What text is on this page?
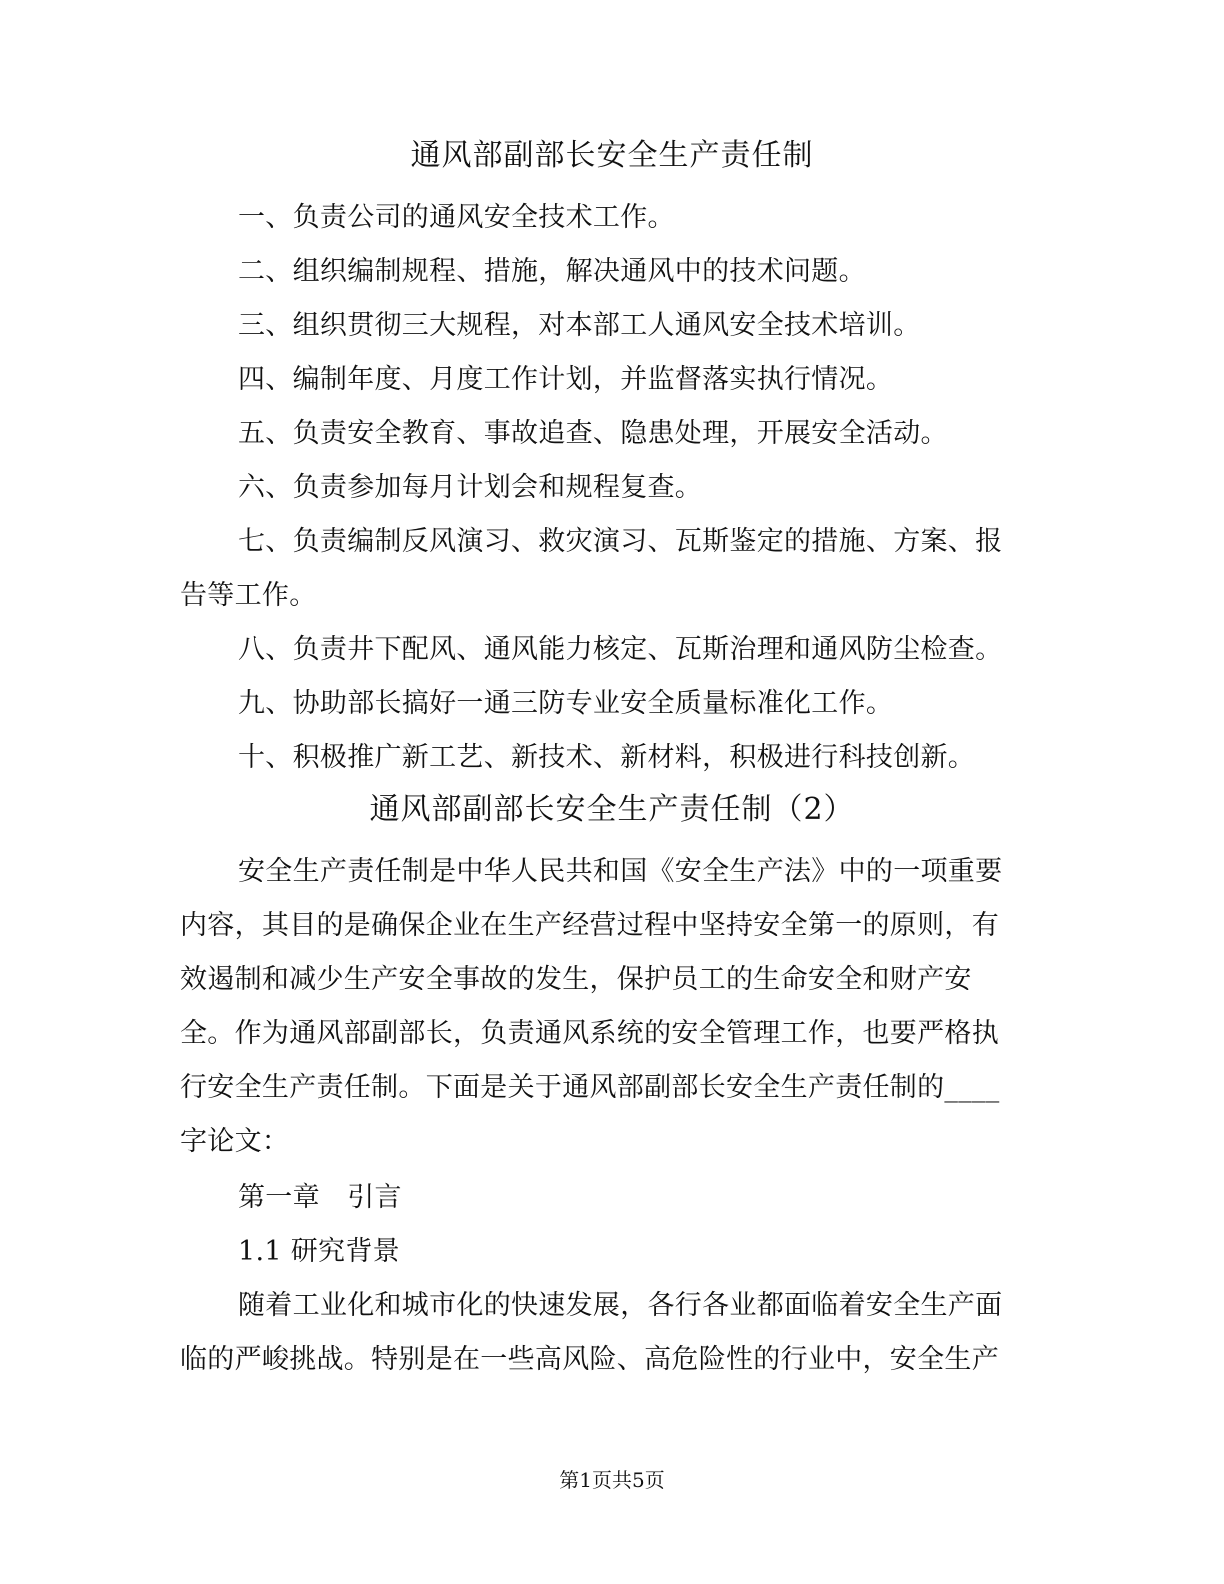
通风部副部长安全生产责任制
一、负责公司的通风安全技术工作。
二、组织编制规程、措施，解决通风中的技术问题。
三、组织贯彻三大规程，对本部工人通风安全技术培训。
四、编制年度、月度工作计划，并监督落实执行情况。
五、负责安全教育、事故追查、隐患处理，开展安全活动。
六、负责参加每月计划会和规程复查。
七、负责编制反风演习、救灾演习、瓦斯鉴定的措施、方案、报
告等工作。
八、负责井下配风、通风能力核定、瓦斯治理和通风防尘检查。
九、协助部长搞好一通三防专业安全质量标准化工作。
十、积极推广新工艺、新技术、新材料，积极进行科技创新。
通风部副部长安全生产责任制（2）
安全生产责任制是中华人民共和国《安全生产法》中的一项重要
内容，其目的是确保企业在生产经营过程中坚持安全第一的原则，有
效遏制和减少生产安全事故的发生，保护员工的生命安全和财产安
全。作为通风部副部长，负责通风系统的安全管理工作，也要严格执
行安全生产责任制。下面是关于通风部副部长安全生产责任制的____
字论文：
第一章　引言
1.1 研究背景
随着工业化和城市化的快速发展，各行各业都面临着安全生产面
临的严峻挑战。特别是在一些高风险、高危险性的行业中，安全生产
第1页共5页
